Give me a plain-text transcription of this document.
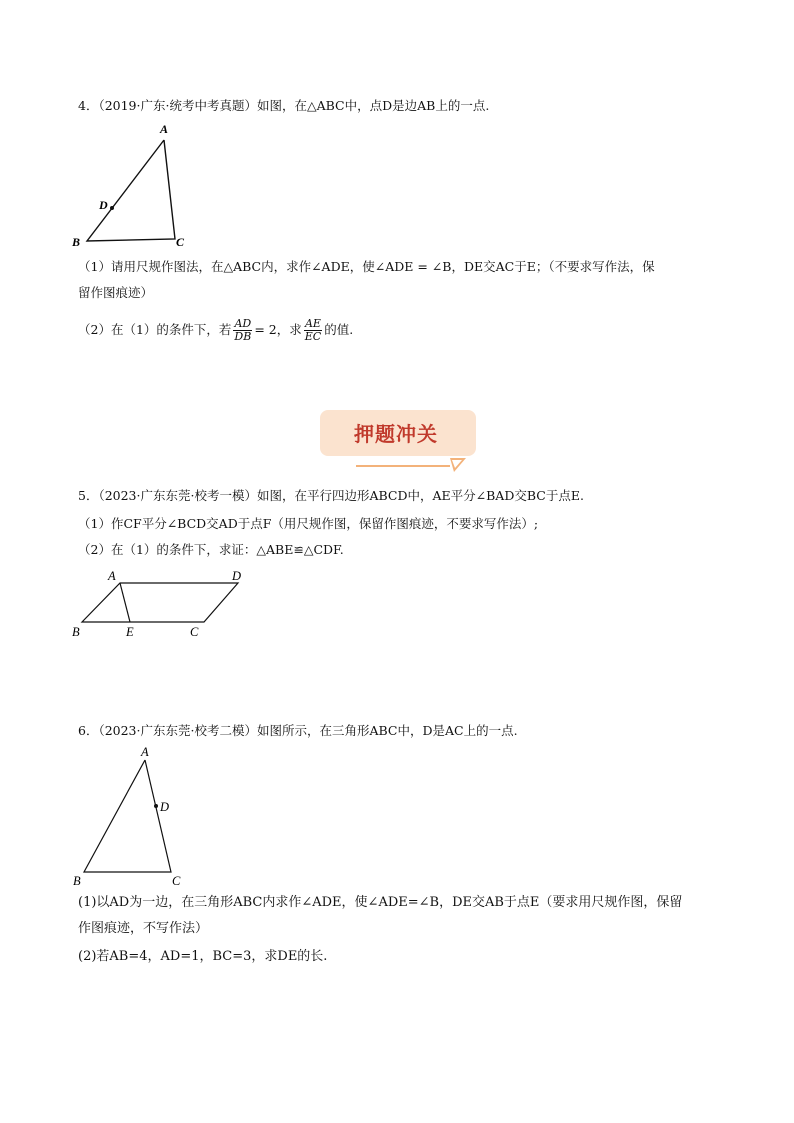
4．（2019·广东·统考中考真题）如图，在△ABC中，点D是边AB上的一点.
A
D
B	C
（1）请用尺规作图法，在△ABC内，求作∠ADE，使∠ADE = ∠B，DE交AC于E；（不要求写作法，保
留作图痕迹）
（2）在（1）的条件下，若 $\frac{AD}{DB} = 2$，求 $\frac{AE}{EC}$ 的值.
押题冲关
5．（2023·广东东莞·校考一模）如图，在平行四边形ABCD中，AE平分∠BAD交BC于点E.
（1）作CF平分∠BCD交AD于点F（用尺规作图，保留作图痕迹，不要求写作法）;
（2）在（1）的条件下，求证：△ABE≌△CDF.
A	D
B	E	C
6．（2023·广东东莞·校考二模）如图所示，在三角形ABC中，D是AC上的一点.
A
D
B	C
(1)以AD为一边，在三角形ABC内求作∠ADE，使∠ADE=∠B，DE交AB于点E（要求用尺规作图，保留
作图痕迹，不写作法）
(2)若AB=4，AD=1，BC=3，求DE的长.
